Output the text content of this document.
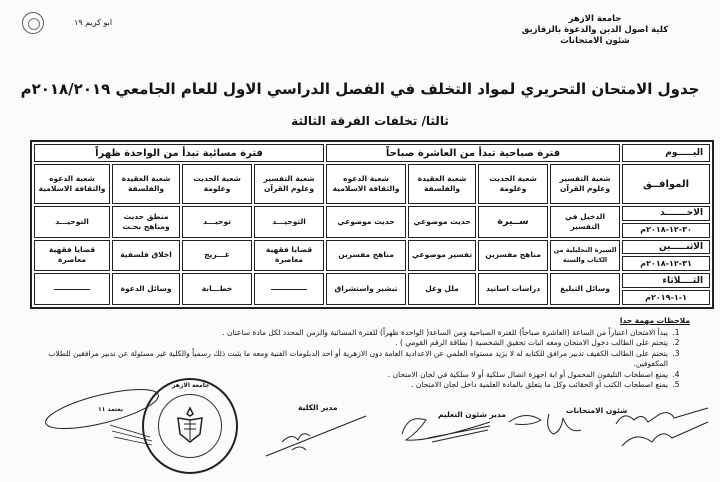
ابو كريم ١٩	جامعة الازهر
كلية اصول الدين والدعوة بالزقازيق
شئون الامتحانات
جدول الامتحان التحريري لمواد التخلف في الفصل الدراسي الاول للعام الجامعي ٢٠١٨/٢٠١٩م
ثالثا/ تخلفات الفرقة الثالثة
اليـــــوم	فترة صباحية تبدأ من العاشرة صباحاً				فترة مسائية تبدأ من الواحدة ظهراً			
الموافــق	شعبة التفسير وعلوم القرآن	شعبة الحديث وعلومة	شعبة العقيدة والفلسفة	شعبة الدعوه والثقافة الاسلامية	شعبة التفسير وعلوم القرآن	شعبة الحديث وعلومة	شعبة العقيدة والفلسفة	شعبة الدعوه والثقافة الاسلامية
الاحـــــــد	الدخيل في التفسير	ســيرة	حديث موضوعي	حديث موضوعي	التوحيـــد	توحيـــد	منطق حديث ومناهج بحـث	التوحيـــد
٣٠-١٢-٢٠١٨م								
الاثنـــــين	السيرة التحليلية من الكتاب والسنة	مناهج مفسرين	تفسير موضوعي	مناهج مفسرين	قضايا فقهية معاصرة	غـــريج	اخلاق فلسفية	قضايا فقهية معاصرة
٣١-١٢-٢٠١٨م								
الثــــلاثاء	وسائل التبليغ	دراسات اسانيد	ملل وغل	تبشير واستشراق		خطـــابة	وسائل الدعوة	
١-١-٢٠١٩م								
ملاحظات مهمة جدا
1. يبدأ الامتحان اعتباراً من الساعة (العاشرة صباحاً) للفترة الصباحية ومن الساعة( الواحدة ظهراً) للفترة المسائية والزمن المحدد لكل مادة ساعتان .
2. يتحتم على الطالب دخول الامتحان ومعه اثبات تحقيق الشخصية ( بطاقة الرقم القومي ) .
3. يتحتم على الطالب الكفيف تدبير مرافق للكتابه له لا يزيد مستواه العلمي عن الاعدادية العامة دون الازهرية أو احد الدبلومات الفنية ومعه ما يثبت ذلك رسمياً والكلية غير مسئولة عن تدبير مرافقين للطلاب المكفوفين.
4. يمنع اصطحاب التليفون المحمول أو اية اجهزة اتصال سلكية أو لا سلكية في لجان الامتحان .
5. يمنع اصطحاب الكتب أو الحقائب وكل ما يتعلق بالمادة العلمية داخل لجان الامتحان .
شئون الامتحانات
مدير شئون التعليم
مدير الكلية
جامعة الازهر
يعتمد ١١
